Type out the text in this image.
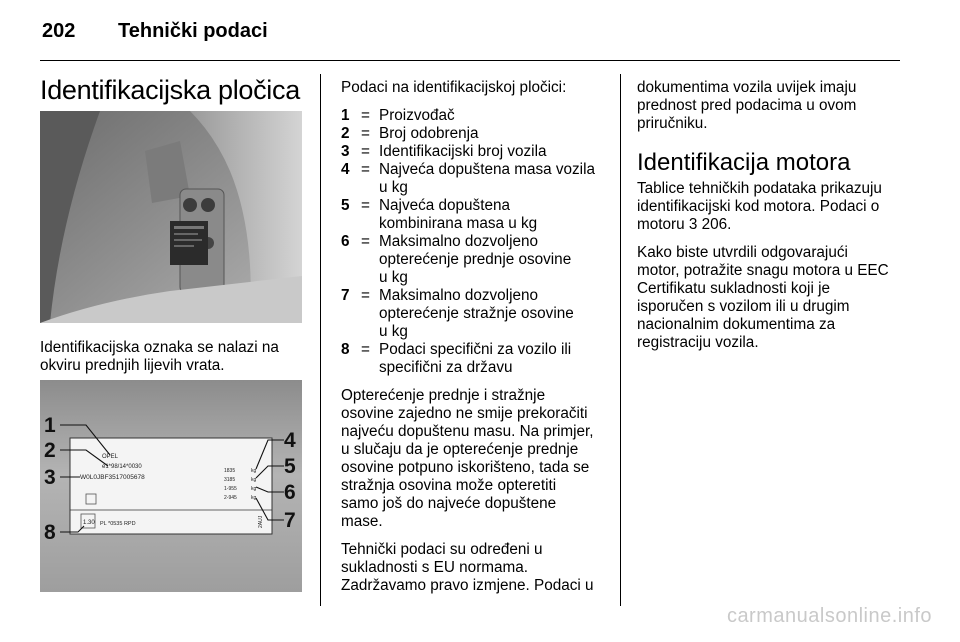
202 Tehnički podaci
Identifikacijska pločica

Identifikacijska oznaka se nalazi na
okviru prednjih lijevih vrata.

1.30 PL *0535 RPD	2AUJ
OPEL
e1*98/14*0030
W0L0JBF3517005678
1835
3185
1-955
2-945
kg
kg
kg
kg
1
2
3
8
4
5
6
7

Podaci na identifikacijskoj pločici:

1 = Proizvođač
2 = Broj odobrenja
3 = Identifikacijski broj vozila
4 = Najveća dopuštena masa vozila
u kg
5 = Najveća dopuštena
kombinirana masa u kg
6 = Maksimalno dozvoljeno
opterećenje prednje osovine
u kg
7 = Maksimalno dozvoljeno
opterećenje stražnje osovine
u kg
8 = Podaci specifični za vozilo ili
specifični za državu

Opterećenje prednje i stražnje
osovine zajedno ne smije prekoračiti
najveću dopuštenu masu. Na primjer,
u slučaju da je opterećenje prednje
osovine potpuno iskorišteno, tada se
stražnja osovina može opteretiti
samo još do najveće dopuštene
mase.

Tehnički podaci su određeni u
sukladnosti s EU normama.
Zadržavamo pravo izmjene. Podaci u

dokumentima vozila uvijek imaju
prednost pred podacima u ovom
priručniku.

Identifikacija motora

Tablice tehničkih podataka prikazuju
identifikacijski kod motora. Podaci o
motoru 3 206.

Kako biste utvrdili odgovarajući
motor, potražite snagu motora u EEC
Certifikatu sukladnosti koji je
isporučen s vozilom ili u drugim
nacionalnim dokumentima za
registraciju vozila.

carmanualsonline.info
